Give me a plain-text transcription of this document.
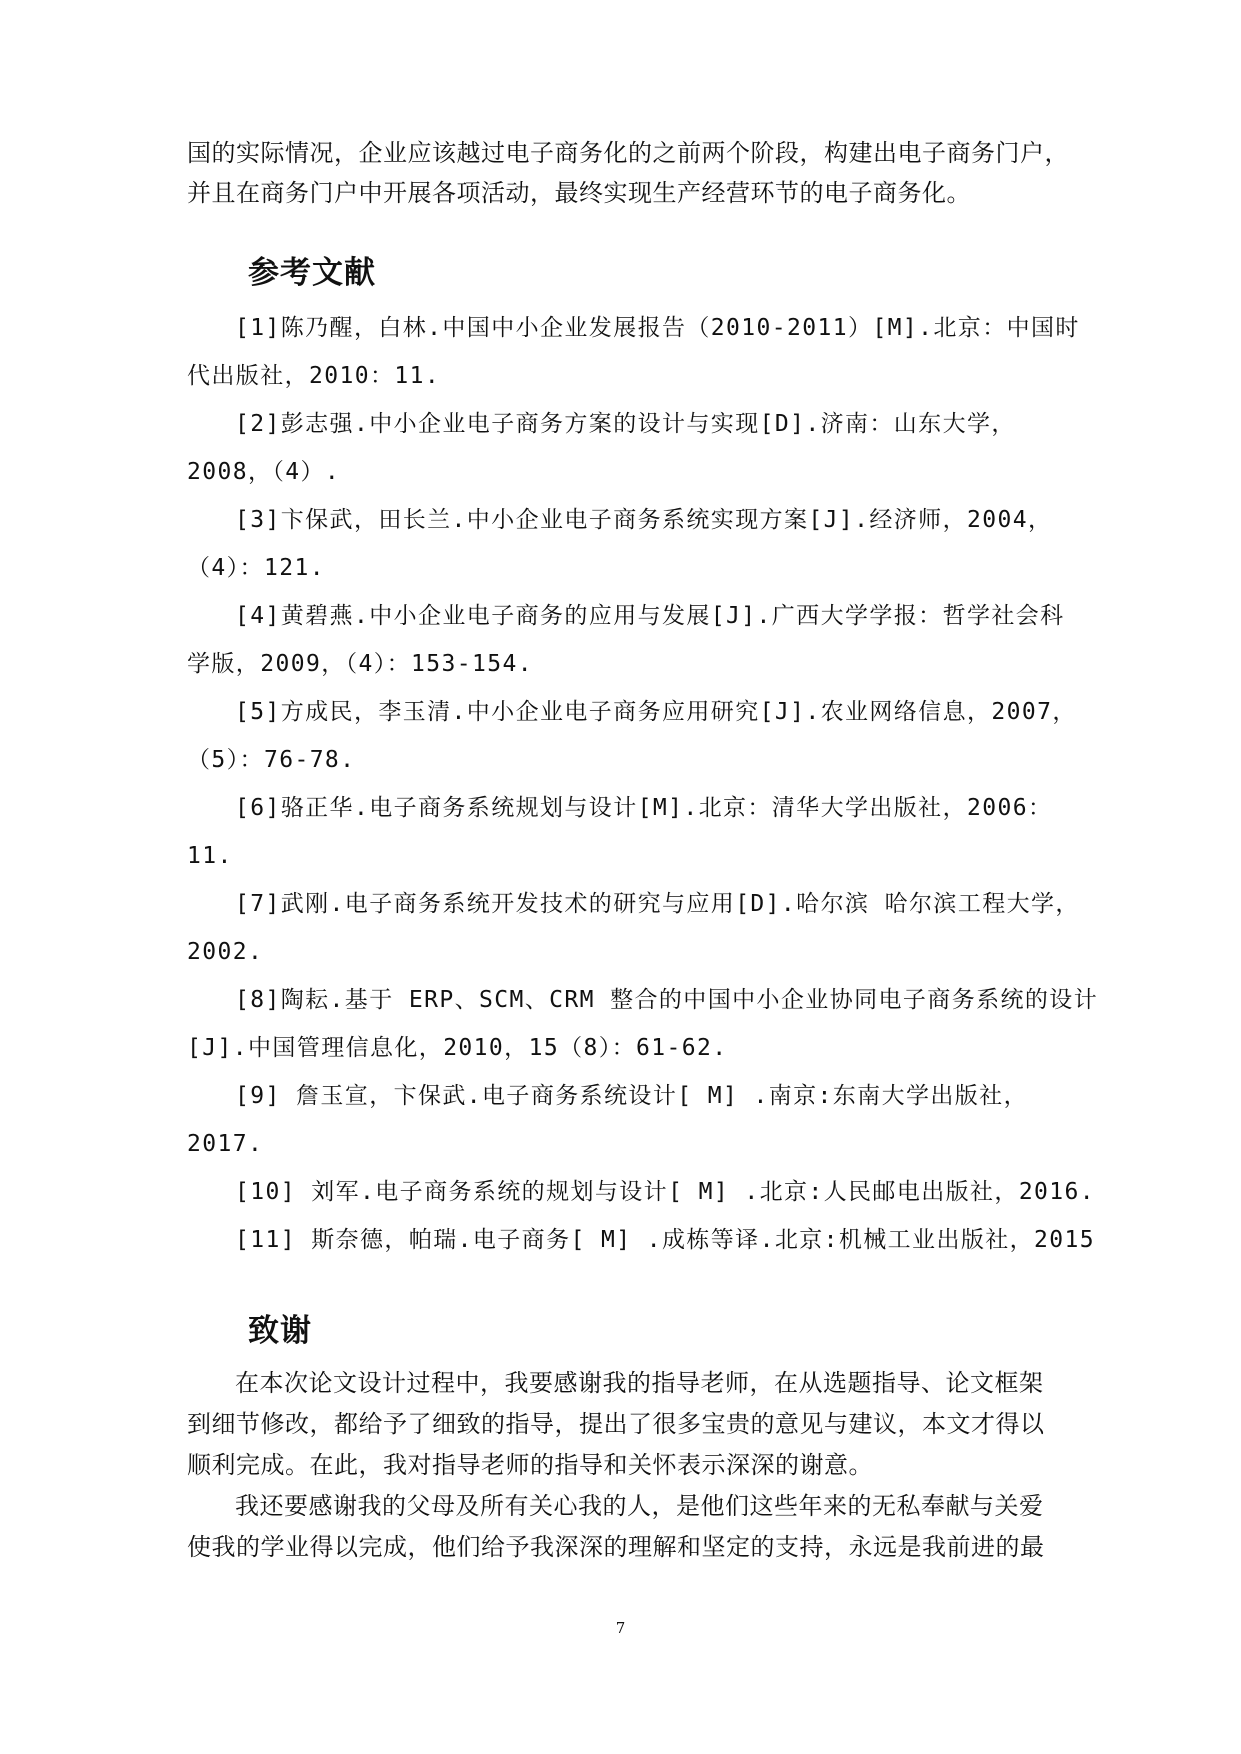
国的实际情况，企业应该越过电子商务化的之前两个阶段，构建出电子商务门户，
并且在商务门户中开展各项活动，最终实现生产经营环节的电子商务化。
参考文献
[1]陈乃醒，白林.中国中小企业发展报告（2010-2011）[M].北京：中国时
代出版社，2010：11.
[2]彭志强.中小企业电子商务方案的设计与实现[D].济南：山东大学，
2008，（4）.
[3]卞保武，田长兰.中小企业电子商务系统实现方案[J].经济师，2004，
（4）：121.
[4]黄碧燕.中小企业电子商务的应用与发展[J].广西大学学报：哲学社会科
学版，2009，（4）：153-154.
[5]方成民，李玉清.中小企业电子商务应用研究[J].农业网络信息，2007，
（5）：76-78.
[6]骆正华.电子商务系统规划与设计[M].北京：清华大学出版社，2006：
11.
[7]武刚.电子商务系统开发技术的研究与应用[D].哈尔滨 哈尔滨工程大学，
2002.
[8]陶耘.基于 ERP、SCM、CRM 整合的中国中小企业协同电子商务系统的设计
[J].中国管理信息化，2010，15（8）：61-62.
[9] 詹玉宣，卞保武.电子商务系统设计[ M] .南京:东南大学出版社，
2017.
[10] 刘军.电子商务系统的规划与设计[ M] .北京:人民邮电出版社，2016.
[11] 斯奈德，帕瑞.电子商务[ M] .成栋等译.北京:机械工业出版社，2015
致谢
在本次论文设计过程中，我要感谢我的指导老师，在从选题指导、论文框架
到细节修改，都给予了细致的指导，提出了很多宝贵的意见与建议，本文才得以
顺利完成。在此，我对指导老师的指导和关怀表示深深的谢意。
我还要感谢我的父母及所有关心我的人，是他们这些年来的无私奉献与关爱
使我的学业得以完成，他们给予我深深的理解和坚定的支持，永远是我前进的最
7
